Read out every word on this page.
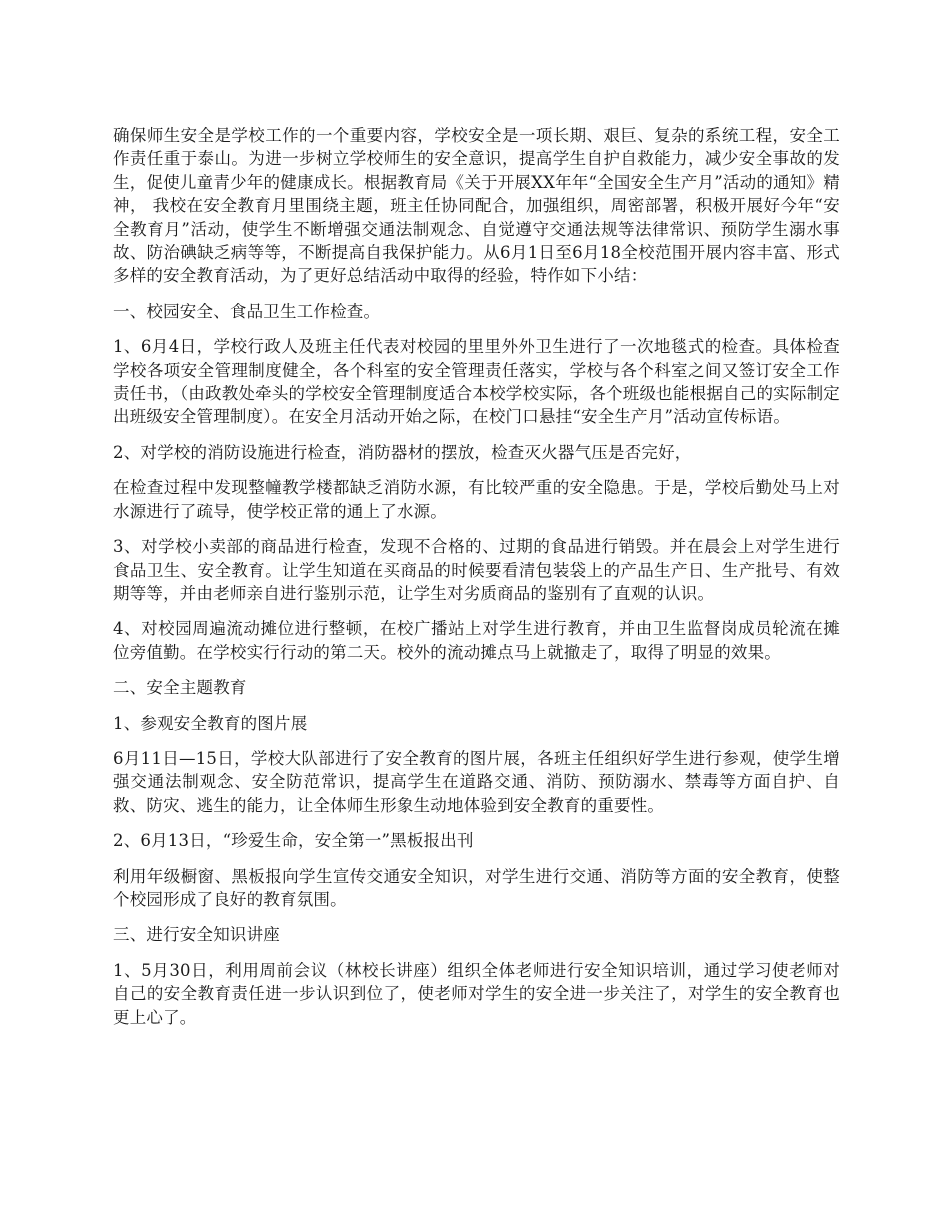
确保师生安全是学校工作的一个重要内容，学校安全是一项长期、艰巨、复杂的系统工程，安全工作责任重于泰山。为进一步树立学校师生的安全意识，提高学生自护自救能力，减少安全事故的发生，促使儿童青少年的健康成长。根据教育局《关于开展XX年年“全国安全生产月”活动的通知》精神， 我校在安全教育月里围绕主题，班主任协同配合，加强组织，周密部署，积极开展好今年“安全教育月”活动，使学生不断增强交通法制观念、自觉遵守交通法规等法律常识、预防学生溺水事故、防治碘缺乏病等等，不断提高自我保护能力。从6月1日至6月18全校范围开展内容丰富、形式多样的安全教育活动，为了更好总结活动中取得的经验，特作如下小结：

一、校园安全、食品卫生工作检查。

1、6月4日，学校行政人及班主任代表对校园的里里外外卫生进行了一次地毯式的检查。具体检查学校各项安全管理制度健全，各个科室的安全管理责任落实，学校与各个科室之间又签订安全工作责任书，（由政教处牵头的学校安全管理制度适合本校学校实际，各个班级也能根据自己的实际制定出班级安全管理制度）。在安全月活动开始之际，在校门口悬挂“安全生产月”活动宣传标语。

2、对学校的消防设施进行检查，消防器材的摆放，检查灭火器气压是否完好，

在检查过程中发现整幢教学楼都缺乏消防水源，有比较严重的安全隐患。于是，学校后勤处马上对水源进行了疏导，使学校正常的通上了水源。

3、对学校小卖部的商品进行检查，发现不合格的、过期的食品进行销毁。并在晨会上对学生进行食品卫生、安全教育。让学生知道在买商品的时候要看清包装袋上的产品生产日、生产批号、有效期等等，并由老师亲自进行鉴别示范，让学生对劣质商品的鉴别有了直观的认识。

4、对校园周遍流动摊位进行整顿，在校广播站上对学生进行教育，并由卫生监督岗成员轮流在摊位旁值勤。在学校实行行动的第二天。校外的流动摊点马上就撤走了，取得了明显的效果。

二、安全主题教育

1、参观安全教育的图片展

6月11日—15日，学校大队部进行了安全教育的图片展，各班主任组织好学生进行参观，使学生增强交通法制观念、安全防范常识，提高学生在道路交通、消防、预防溺水、禁毒等方面自护、自救、防灾、逃生的能力，让全体师生形象生动地体验到安全教育的重要性。

2、6月13日，“珍爱生命，安全第一”黑板报出刊

利用年级橱窗、黑板报向学生宣传交通安全知识，对学生进行交通、消防等方面的安全教育，使整个校园形成了良好的教育氛围。

三、进行安全知识讲座

1、5月30日，利用周前会议（林校长讲座）组织全体老师进行安全知识培训，通过学习使老师对自己的安全教育责任进一步认识到位了，使老师对学生的安全进一步关注了，对学生的安全教育也更上心了。
